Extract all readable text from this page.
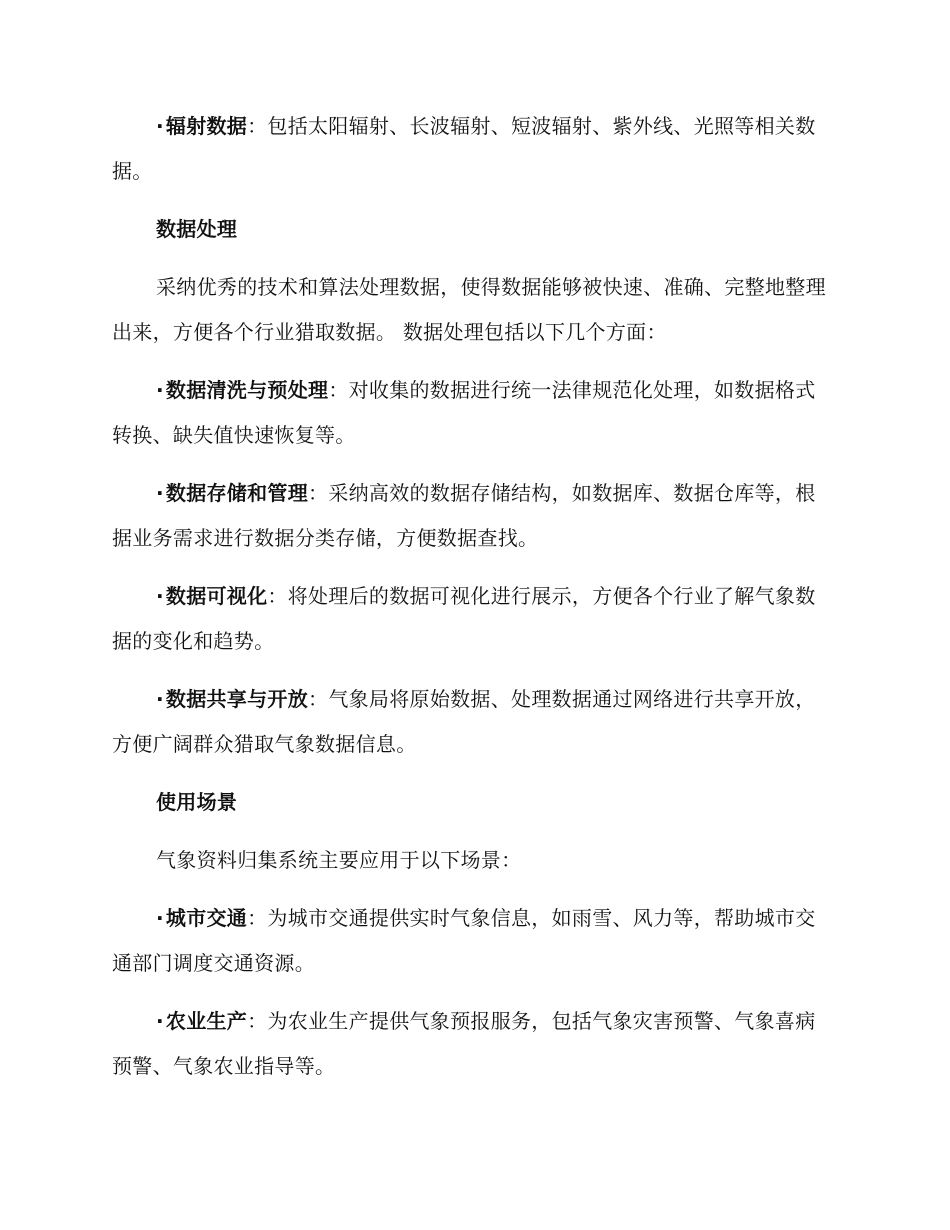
· 辐射数据：包括太阳辐射、长波辐射、短波辐射、紫外线、光照等相关数据。

数据处理

采纳优秀的技术和算法处理数据，使得数据能够被快速、准确、完整地整理出来，方便各个行业猎取数据。 数据处理包括以下几个方面：

· 数据清洗与预处理：对收集的数据进行统一法律规范化处理，如数据格式转换、缺失值快速恢复等。

· 数据存储和管理：采纳高效的数据存储结构，如数据库、数据仓库等，根据业务需求进行数据分类存储，方便数据查找。

· 数据可视化：将处理后的数据可视化进行展示，方便各个行业了解气象数据的变化和趋势。

· 数据共享与开放：气象局将原始数据、处理数据通过网络进行共享开放，方便广阔群众猎取气象数据信息。

使用场景

气象资料归集系统主要应用于以下场景：

· 城市交通：为城市交通提供实时气象信息，如雨雪、风力等，帮助城市交通部门调度交通资源。

· 农业生产：为农业生产提供气象预报服务，包括气象灾害预警、气象喜病预警、气象农业指导等。
